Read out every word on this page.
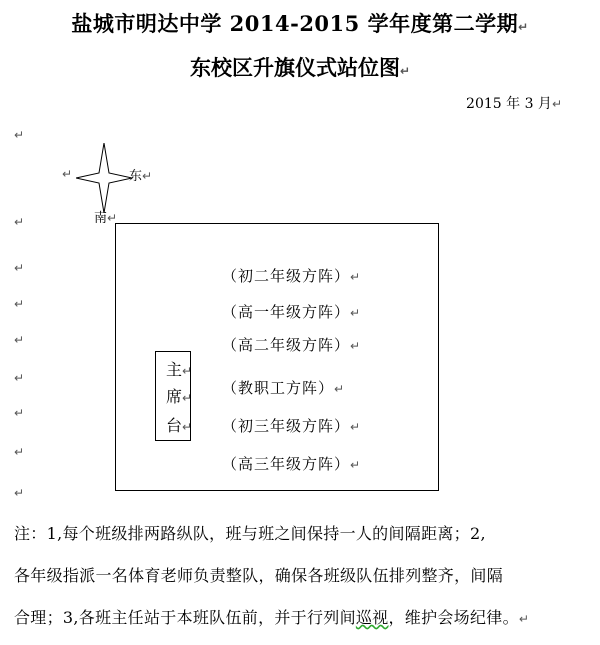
盐城市明达中学 2014-2015 学年度第二学期↵
东校区升旗仪式站位图↵
2015 年 3 月↵
↵
↵
↵
↵
↵
↵
↵
↵
↵
↵	东↵
南↵
主↵
席↵
台↵
（初二年级方阵）↵
（高一年级方阵）↵
（高二年级方阵）↵
（教职工方阵）↵
（初三年级方阵）↵
（高三年级方阵）↵
注：1,每个班级排两路纵队，班与班之间保持一人的间隔距离；2,
各年级指派一名体育老师负责整队，确保各班级队伍排列整齐，间隔
合理；3,各班主任站于本班队伍前，并于行列间巡视，维护会场纪律。↵
